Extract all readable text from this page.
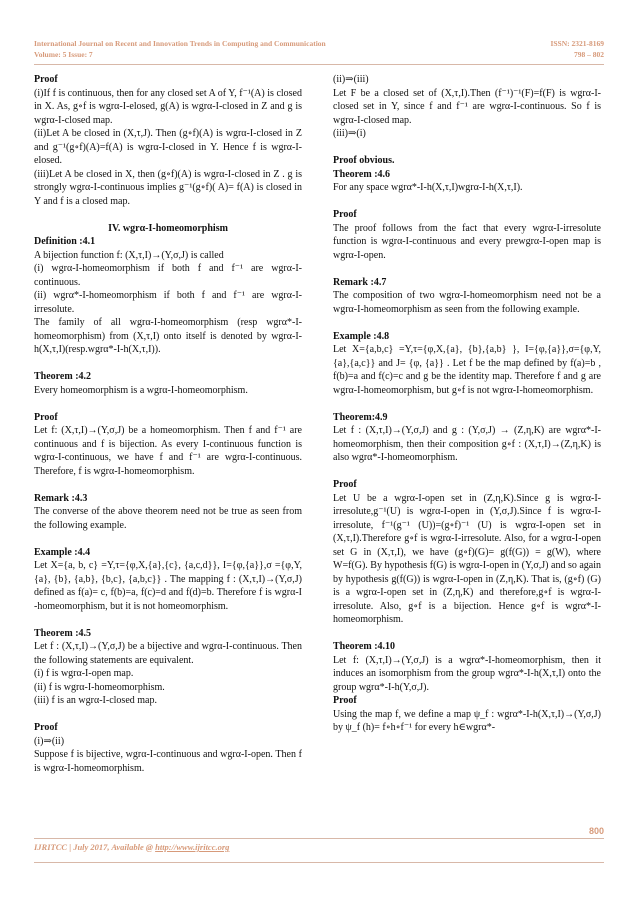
International Journal on Recent and Innovation Trends in Computing and Communication
Volume: 5 Issue: 7
ISSN: 2321-8169
798 – 802

Proof

(i)If f is continuous, then for any closed set A of Y, f⁻¹(A) is closed in X. As, g∘f is wgrα-I-elosed, g(A) is wgrα-I-closed in Z and g is wgrα-I-closed map.

(ii)Let A be closed in (X,τ,J). Then (g∘f)(A) is wgrα-I-closed in Z and g⁻¹(g∘f)(A)=f(A) is wgrα-I-closed in Y. Hence f is wgrα-I-elosed.

(iii)Let A be closed in X, then (g∘f)(A) is wgrα-I-closed in Z . g is strongly wgrα-I-continuous implies g⁻¹(g∘f)( A)= f(A) is closed in Y and f is a closed map.

IV. wgrα-I-homeomorphism

Definition :4.1

A bijection function f: (X,τ,I)→(Y,σ,J) is called

(i) wgrα-I-homeomorphism if both f and f⁻¹ are wgrα-I-continuous.

(ii) wgrα*-I-homeomorphism if both f and f⁻¹ are wgrα-I-irresolute.

The family of all wgrα-I-homeomorphism (resp wgrα*-I-homeomorphism) from (X,τ,I) onto itself is denoted by wgrα-I-h(X,τ,I)(resp.wgrα*-I-h(X,τ,I)).

Theorem :4.2

Every homeomorphism is a wgrα-I-homeomorphism.

Proof

Let f: (X,τ,I)→(Y,σ,J) be a homeomorphism. Then f and f⁻¹ are continuous and f is bijection. As every I-continuous function is wgrα-I-continuous, we have f and f⁻¹ are wgrα-I-continuous. Therefore, f is wgrα-I-homeomorphism.

Remark :4.3

The converse of the above theorem need not be true as seen from the following example.

Example :4.4

Let X={a, b, c} =Y,τ={φ,X,{a},{c}, {a,c,d}}, I={φ,{a}},σ ={φ,Y, {a}, {b}, {a,b}, {b,c}, {a,b,c}} . The mapping f : (X,τ,I)→(Y,σ,J) defined as f(a)= c, f(b)=a, f(c)=d and f(d)=b. Therefore f is wgrα-I -homeomorphism, but it is not homeomorphism.

Theorem :4.5

Let f : (X,τ,I)→(Y,σ,J) be a bijective and wgrα-I-continuous. Then the following statements are equivalent.

(i) f is wgrα-I-open map.

(ii) f is wgrα-I-homeomorphism.

(iii) f is an wgrα-I-closed map.

Proof

(i)⇒(ii)

Suppose f is bijective, wgrα-I-continuous and wgrα-I-open. Then f is wgrα-I-homeomorphism.

(ii)⇒(iii)

Let F be a closed set of (X,τ,I).Then (f⁻¹)⁻¹(F)=f(F) is wgrα-I-closed set in Y, since f and f⁻¹ are wgrα-I-continuous. So f is wgrα-I-closed map.

(iii)⇒(i)

Proof obvious.

Theorem :4.6

For any space wgrα*-I-h(X,τ,I)wgrα-I-h(X,τ,I).

Proof

The proof follows from the fact that every wgrα-I-irresolute function is wgrα-I-continuous and every prewgrα-I-open map is wgrα-I-open.

Remark :4.7

The composition of two wgrα-I-homeomorphism need not be a wgrα-I-homeomorphism as seen from the following example.

Example :4.8

Let X={a,b,c} =Y,τ={φ,X,{a}, {b},{a,b} }, I={φ,{a}},σ={φ,Y,{a},{a,c}} and J= {φ, {a}} . Let f be the map defined by f(a)=b , f(b)=a and f(c)=c and g be the identity map. Therefore f and g are wgrα-I-homeomorphism, but g∘f is not wgrα-I-homeomorphism.

Theorem:4.9

Let f : (X,τ,I)→(Y,σ,J) and g : (Y,σ,J) → (Z,η,K) are wgrα*-I-homeomorphism, then their composition g∘f : (X,τ,I)→(Z,η,K) is also wgrα*-I-homeomorphism.

Proof

Let U be a wgrα-I-open set in (Z,η,K).Since g is wgrα-I-irresolute,g⁻¹(U) is wgrα-I-open in (Y,σ,J).Since f is wgrα-I-irresolute, f⁻¹(g⁻¹ (U))=(g∘f)⁻¹ (U) is wgrα-I-open set in (X,τ,I).Therefore g∘f is wgrα-I-irresolute. Also, for a wgrα-I-open set G in (X,τ,I), we have (g∘f)(G)= g(f(G)) = g(W), where W=f(G). By hypothesis f(G) is wgrα-I-open in (Y,σ,J) and so again by hypothesis g(f(G)) is wgrα-I-open in (Z,η,K). That is, (g∘f) (G) is a wgrα-I-open set in (Z,η,K) and therefore,g∘f is wgrα-I-irresolute. Also, g∘f is a bijection. Hence g∘f is wgrα*-I-homeomorphism.

Theorem :4.10

Let f: (X,τ,I)→(Y,σ,J) is a wgrα*-I-homeomorphism, then it induces an isomorphism from the group wgrα*-I-h(X,τ,I) onto the group wgrα*-I-h(Y,σ,J).

Proof

Using the map f, we define a map ψ_f : wgrα*-I-h(X,τ,I)→(Y,σ,J) by ψ_f (h)= f∘h∘f⁻¹ for every h∈wgrα*-

800
IJRITCC | July 2017, Available @ http://www.ijritcc.org
